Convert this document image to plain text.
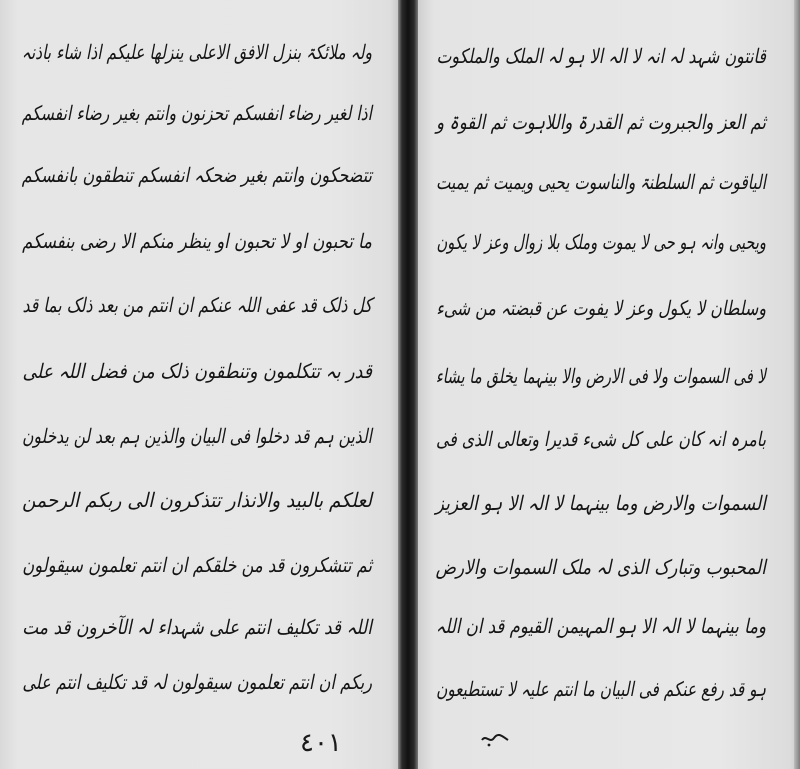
ولہ ملائکۃ بنزل الافق الاعلی ینزلھا علیکم اذا شاء باذنہ
اذا لغیر رضاء انفسکم تحزنون وانتم بغیر رضاء انفسکم
تتضحکون وانتم بغیر ضحکہ انفسکم تنطقون بانفسکم
ما تحبون او لا تحبون او ینظر منکم الا رضی بنفسکم
کل ذلک قد عفی اللہ عنکم ان انتم من بعد ذلک بما قد
قدر بہ تتکلمون وتنطقون ذلک من فضل اللہ علی
الذین ہم قد دخلوا فی البیان والذین ہم بعد لن یدخلون
لعلکم بالبید والانذار تتذکرون الی ربکم الرحمن
ثم تتشکرون قد من خلقکم ان انتم تعلمون سیقولون
اللہ قد تکلیف انتم علی شہداء لہ الآخرون قد مت
ربکم ان انتم تعلمون سیقولون لہ قد تکلیف انتم علی
٤٠١
قانتون شہد لہ انہ لا الہ الا ہو لہ الملک والملکوت
ثم العز والجبروت ثم القدرۃ واللاہوت ثم القوۃ و
الیاقوت ثم السلطنۃ والناسوت یحیی ویمیت ثم یمیت
ویحیی وانہ ہو حی لا یموت وملک بلا زوال وعز لا یکون
وسلطان لا یکول وعز لا یفوت عن قبضتہ من شیء
لا فی السموات ولا فی الارض والا بینہما یخلق ما یشاء
بامرہ انہ کان علی کل شیء قدیرا وتعالی الذی فی
السموات والارض وما بینہما لا الہ الا ہو العزیز
المحبوب وتبارک الذی لہ ملک السموات والارض
وما بینہما لا الہ الا ہو المہیمن القیوم قد ان اللہ
ہو قد رفع عنکم فی البیان ما انتم علیہ لا تستطیعون
